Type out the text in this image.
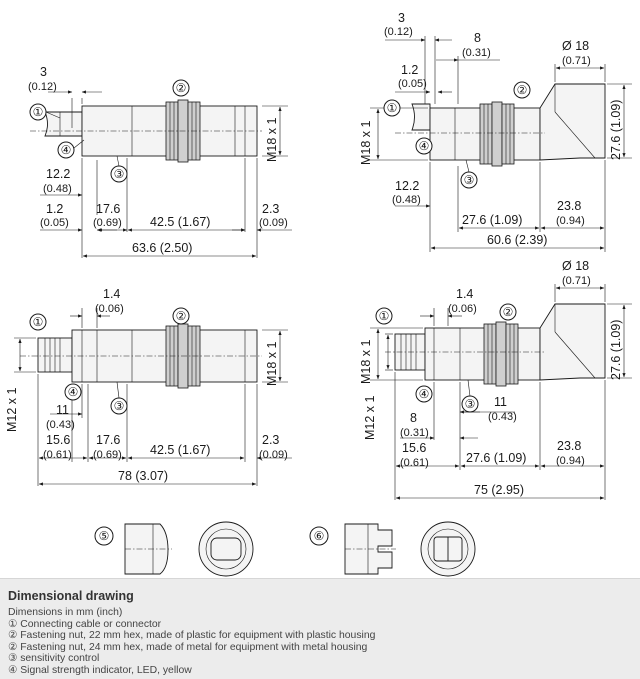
3
(0.12)
12.2
(0.48)
1.2
(0.05)
17.6
(0.69) 42.5 (1.67)
2.3
(0.09)
63.6 (2.50)
M18 x 1
①
②
③
④
3
(0.12)	8
(0.31)
1.2
(0.05)
Ø 18
(0.71)
27.6 (1.09)
M18 x 1
12.2
(0.48)
27.6 (1.09)
23.8
(0.94)
60.6 (2.39)
①
②
③
④
1.4
(0.06)
M18 x 1
M12 x 1	11
(0.43)
15.6
(0.61)
17.6
(0.69) 42.5 (1.67)
2.3
(0.09)
78 (3.07)
①	②
③
④
1.4
(0.06)
Ø 18
(0.71)
27.6 (1.09)
M18 x 1
M12 x 1	11
(0.43)
8
(0.31)
15.6
(0.61)	27.6 (1.09)
23.8
(0.94)
75 (2.95)
①	②
③
④
⑤	⑥
Dimensional drawing
Dimensions in mm (inch)
① Connecting cable or connector
② Fastening nut, 22 mm hex, made of plastic for equipment with plastic housing
② Fastening nut, 24 mm hex, made of metal for equipment with metal housing
③ sensitivity control
④ Signal strength indicator, LED, yellow
